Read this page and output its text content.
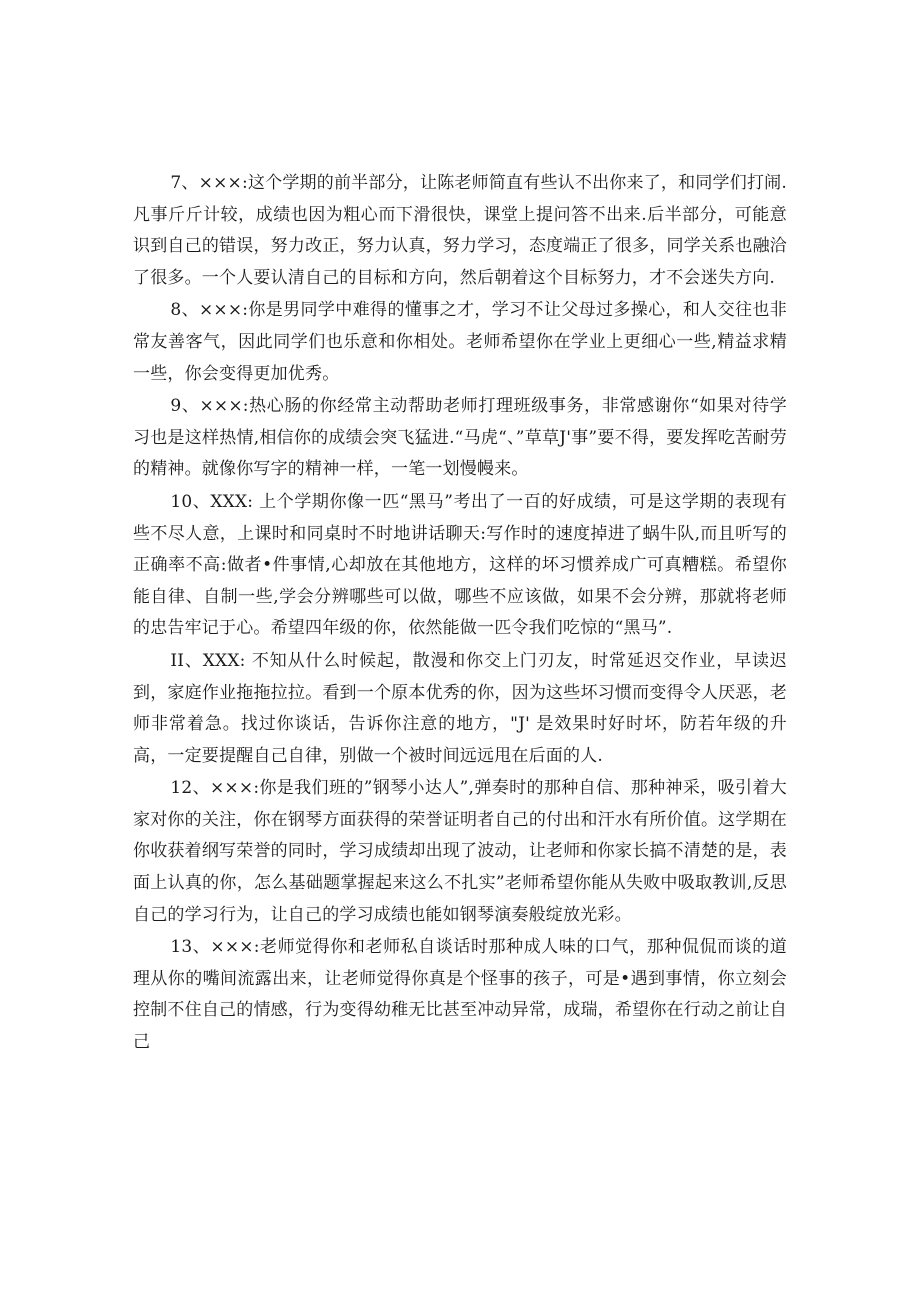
7、×××:这个学期的前半部分，让陈老师简直有些认不出你来了，和同学们打闹.凡事斤斤计较，成绩也因为粗心而下滑很快，课堂上提问答不出来.后半部分，可能意识到自己的错误，努力改正，努力认真，努力学习，态度端正了很多，同学关系也融洽了很多。一个人要认清自己的目标和方向，然后朝着这个目标努力，才不会迷失方向.

8、×××:你是男同学中难得的懂事之才，学习不让父母过多操心，和人交往也非常友善客气，因此同学们也乐意和你相处。老师希望你在学业上更细心一些,精益求精一些，你会变得更加优秀。

9、×××:热心肠的你经常主动帮助老师打理班级事务，非常感谢你“如果对待学习也是这样热情,相信你的成绩会突飞猛进.“马虎“、”草草J'事”要不得，要发挥吃苦耐劳的精神。就像你写字的精神一样，一笔一划慢幔来。

10、XXX: 上个学期你像一匹“黑马”考出了一百的好成绩，可是这学期的表现有些不尽人意，上课时和同桌时不时地讲话聊天:写作时的速度掉进了蜗牛队,而且听写的正确率不高:做者•件事情,心却放在其他地方，这样的坏习惯养成广可真糟糕。希望你能自律、自制一些,学会分辨哪些可以做，哪些不应该做，如果不会分辨，那就将老师的忠告牢记于心。希望四年级的你，依然能做一匹令我们吃惊的“黑马”.

II、XXX: 不知从什么时候起，散漫和你交上门刃友，时常延迟交作业，早读迟到，家庭作业拖拖拉拉。看到一个原本优秀的你，因为这些坏习惯而变得令人厌恶，老师非常着急。找过你谈话，告诉你注意的地方，"J' 是效果时好时坏，防若年级的升高，一定要提醒自己自律，别做一个被时间远远甩在后面的人.

12、×××:你是我们班的”钢琴小达人”,弹奏时的那种自信、那种神采，吸引着大家对你的关注，你在钢琴方面获得的荣誉证明者自己的付出和汗水有所价值。这学期在你收获着纲写荣誉的同时，学习成绩却出现了波动，让老师和你家长搞不清楚的是，表面上认真的你，怎么基础题掌握起来这么不扎实”老师希望你能从失败中吸取教训,反思自己的学习行为，让自己的学习成绩也能如钢琴演奏般绽放光彩。

13、×××:老师觉得你和老师私自谈话时那种成人味的口气，那种侃侃而谈的道理从你的嘴间流露出来，让老师觉得你真是个怪事的孩子，可是•遇到事情，你立刻会控制不住自己的情感，行为变得幼稚无比甚至冲动异常，成瑞，希望你在行动之前让自己
